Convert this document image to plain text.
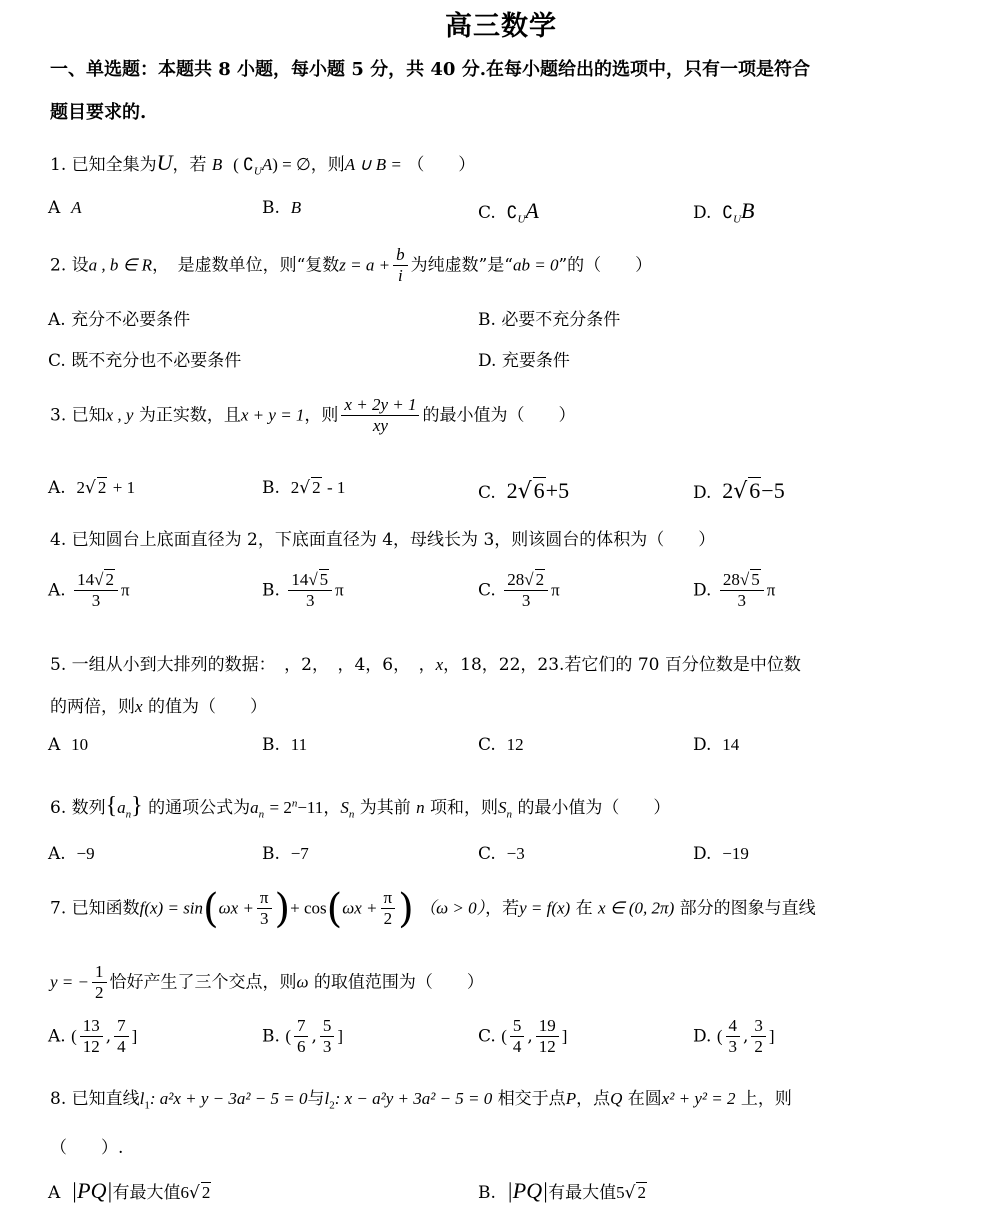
高三数学
一、单选题：本题共 8 小题，每小题 5 分，共 40 分.在每小题给出的选项中，只有一项是符合
题目要求的.
1. 已知全集为U，若 B ( $∁_UA$) = ∅，则A ∪ B = （　　）
A A	B. B	C. $∁_UA$	D. $∁_UB$
2. 设a , b ∈ R，　是虚数单位，则“复数$z = a + \frac{b}{i}$ 为纯虚数”是“ab = 0”的（　　）
A. 充分不必要条件	B. 必要不充分条件
C. 既不充分也不必要条件	D. 充要条件
3. 已知x , y 为正实数，且x + y = 1，则 $\frac{x + 2y + 1}{xy}$ 的最小值为（　　）
A. 2√ 2 + 1	B. 2√ 2 - 1	C. 2√6+5	D. 2√6−5
4. 已知圆台上底面直径为 2，下底面直径为 4，母线长为 3，则该圆台的体积为（　　）
A. $\frac{14√ 2}{3}$ π	B. $\frac{14√ 5}{3}$ π	C. $\frac{28√ 2}{3}$ π	D. $\frac{28√ 5}{3}$ π
5. 一组从小到大排列的数据：　，2，　，4，6，　，x，18，22，23.若它们的 70 百分位数是中位数
的两倍，则x 的值为（　　）
A 10	B. 11	C. 12	D. 14
6. 数列$\{a_n\}$ 的通项公式为$a_n = 2^n-11$，$S_n$ 为其前 n 项和，则$S_n$ 的最小值为（　　）
A. −9	B. −7	C. −3	D. −19
7. 已知函数$f(x) = \sin(\omega x + \frac{\pi}{3}$ )+ $\cos(\omega x + \frac{\pi}{2}$ ) （ω > 0），若y = f(x) 在 x ∈ (0, 2π) 部分的图象与直线
y = − $\frac{1}{2}$ 恰好产生了三个交点，则ω 的取值范围为（　　）
A. ( $\frac{13}{12}$ , $\frac{7}{4}$ ]	B. ( $\frac{7}{6}$ , $\frac{5}{3}$ ]	C. ( $\frac{5}{4}$ , $\frac{19}{12}$ ]	D. ( $\frac{4}{3}$ , $\frac{3}{2}$ ]
8. 已知直线$l_1$: a²x + y − 3a² − 5 = 0与$l_2$: x − a²y + 3a² − 5 = 0 相交于点P，点Q 在圆x² + y² = 2 上，则
（　　）.
A |PQ|有最大值6√ 2	B. |PQ|有最大值5√ 2
